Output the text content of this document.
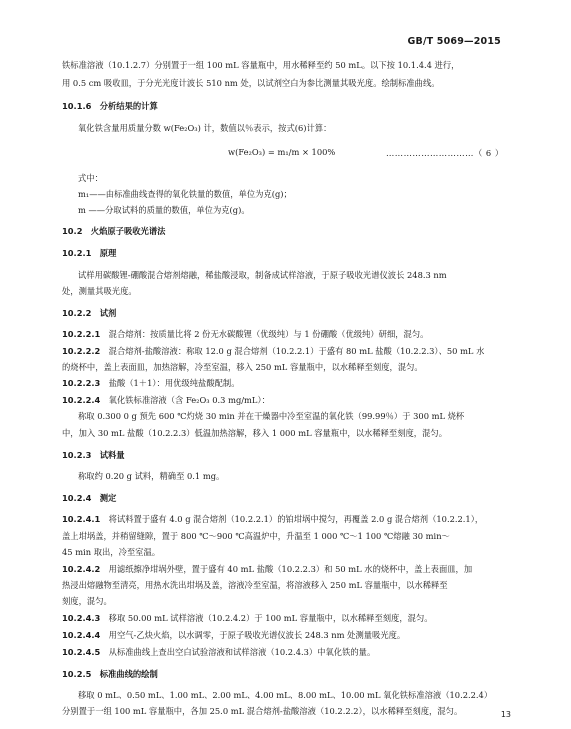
GB/T 5069—2015
铁标准溶液（10.1.2.7）分别置于一组 100 mL 容量瓶中，用水稀释至约 50 mL。以下按 10.1.4.4 进行，
用 0.5 cm 吸收皿，于分光光度计波长 510 nm 处，以试剂空白为参比测量其吸光度。绘制标准曲线。
10.1.6　分析结果的计算
氧化铁含量用质量分数 w(Fe₂O₃) 计，数值以％表示，按式(6)计算：
w(Fe₂O₃) = m₁/m × 100%	…………………………（ 6 ）
式中：
m₁——由标准曲线查得的氧化铁量的数值，单位为克(g)；
m ——分取试料的质量的数值，单位为克(g)。
10.2　火焰原子吸收光谱法
10.2.1　原理
试样用碳酸锂-硼酸混合熔剂熔融，稀盐酸浸取，制备成试样溶液，于原子吸收光谱仪波长 248.3 nm
处，测量其吸光度。
10.2.2　试剂
10.2.2.1　 混合熔剂：按质量比将 2 份无水碳酸锂（优级纯）与 1 份硼酸（优级纯）研细，混匀。
10.2.2.2　 混合熔剂-盐酸溶液：称取 12.0 g 混合熔剂（10.2.2.1）于盛有 80 mL 盐酸（10.2.2.3）、50 mL 水
的烧杯中，盖上表面皿，加热溶解，冷至室温，移入 250 mL 容量瓶中，以水稀释至刻度，混匀。
10.2.2.3　 盐酸（1＋1）：用优级纯盐酸配制。
10.2.2.4　 氧化铁标准溶液（含 Fe₂O₃ 0.3 mg/mL）：
称取 0.300 0 g 预先 600 ℃灼烧 30 min 并在干燥器中冷至室温的氧化铁（99.99％）于 300 mL 烧杯
中，加入 30 mL 盐酸（10.2.2.3）低温加热溶解，移入 1 000 mL 容量瓶中，以水稀释至刻度，混匀。
10.2.3　试料量
称取约 0.20 g 试料，精确至 0.1 mg。
10.2.4　测定
10.2.4.1　 将试料置于盛有 4.0 g 混合熔剂（10.2.2.1）的铂坩埚中搅匀，再覆盖 2.0 g 混合熔剂（10.2.2.1），
盖上坩埚盖，并稍留缝隙，置于 800 ℃～900 ℃高温炉中，升温至 1 000 ℃～1 100 ℃熔融 30 min～
45 min 取出，冷至室温。
10.2.4.2　 用滤纸擦净坩埚外壁，置于盛有 40 mL 盐酸（10.2.2.3）和 50 mL 水的烧杯中，盖上表面皿，加
热浸出熔融物至清亮，用热水洗出坩埚及盖，溶液冷至室温，将溶液移入 250 mL 容量瓶中，以水稀释至
刻度，混匀。
10.2.4.3　 移取 50.00 mL 试样溶液（10.2.4.2）于 100 mL 容量瓶中，以水稀释至刻度，混匀。
10.2.4.4　 用空气-乙炔火焰，以水调零，于原子吸收光谱仪波长 248.3 nm 处测量吸光度。
10.2.4.5　 从标准曲线上查出空白试验溶液和试样溶液（10.2.4.3）中氧化铁的量。
10.2.5　标准曲线的绘制
移取 0 mL、0.50 mL、1.00 mL、2.00 mL、4.00 mL、8.00 mL、10.00 mL 氧化铁标准溶液（10.2.2.4）
分别置于一组 100 mL 容量瓶中，各加 25.0 mL 混合熔剂-盐酸溶液（10.2.2.2），以水稀释至刻度，混匀。	13
